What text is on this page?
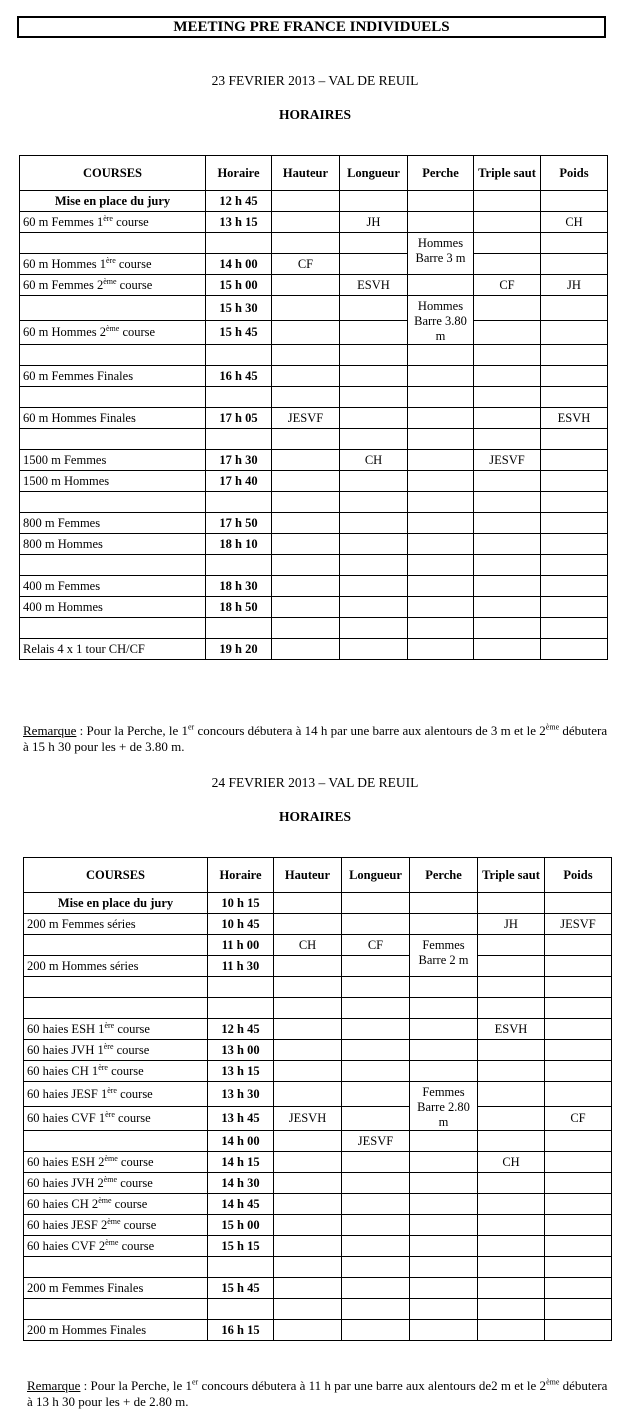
MEETING PRE FRANCE INDIVIDUELS
23 FEVRIER 2013 – VAL DE REUIL
HORAIRES
COURSES	Horaire	Hauteur	Longueur	Perche	Triple saut	Poids
Mise en place du jury	12 h 45					
60 m Femmes 1ère course	13 h 15		JH			CH
				Hommes Barre 3 m		
60 m Hommes 1ère course	14 h 00	CF				
60 m Femmes 2ème course	15 h 00		ESVH		CF	JH
	15 h 30			Hommes Barre 3.80 m		
60 m Hommes 2ème course	15 h 45					

60 m Femmes Finales	16 h 45					

60 m Hommes Finales	17 h 05	JESVF				ESVH

1500 m Femmes	17 h 30		CH		JESVF	
1500 m Hommes	17 h 40					

800 m Femmes	17 h 50					
800 m Hommes	18 h 10					

400 m Femmes	18 h 30					
400 m Hommes	18 h 50					

Relais 4 x 1 tour CH/CF	19 h 20					
Remarque : Pour la Perche, le 1er concours débutera à 14 h par une barre aux alentours de 3 m et le 2ème débutera à 15 h 30 pour les + de 3.80 m.
24 FEVRIER 2013 – VAL DE REUIL
HORAIRES
COURSES	Horaire	Hauteur	Longueur	Perche	Triple saut	Poids
Mise en place du jury	10 h 15					
200 m Femmes séries	10 h 45				JH	JESVF
	11 h 00	CH	CF	Femmes Barre 2 m		
200 m Hommes séries	11 h 30					

60 haies ESH 1ère course	12 h 45				ESVH	
60 haies JVH 1ère course	13 h 00					
60 haies CH 1ère course	13 h 15					
60 haies JESF 1ère course	13 h 30			Femmes Barre 2.80 m		
60 haies CVF 1ère course	13 h 45	JESVH				CF
	14 h 00		JESVF			
60 haies ESH 2ème course	14 h 15				CH	
60 haies JVH 2ème course	14 h 30					
60 haies CH 2ème course	14 h 45					
60 haies JESF 2ème course	15 h 00					
60 haies CVF 2ème course	15 h 15					

200 m Femmes Finales	15 h 45					

200 m Hommes Finales	16 h 15					
Remarque : Pour la Perche, le 1er concours débutera à 11 h par une barre aux alentours de2 m et le 2ème débutera à 13 h 30 pour les + de 2.80 m.
